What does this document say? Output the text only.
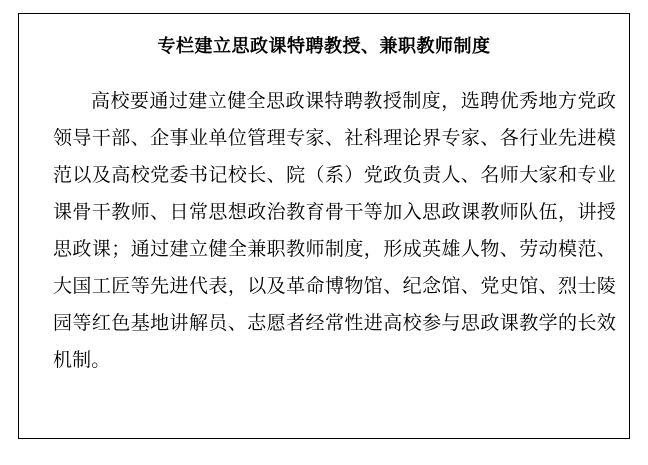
专栏建立思政课特聘教授、兼职教师制度
高校要通过建立健全思政课特聘教授制度，选聘优秀地方党政领导干部、企事业单位管理专家、社科理论界专家、各行业先进模范以及高校党委书记校长、院（系）党政负责人、名师大家和专业课骨干教师、日常思想政治教育骨干等加入思政课教师队伍，讲授思政课；通过建立健全兼职教师制度，形成英雄人物、劳动模范、大国工匠等先进代表，以及革命博物馆、纪念馆、党史馆、烈士陵园等红色基地讲解员、志愿者经常性进高校参与思政课教学的长效机制。
